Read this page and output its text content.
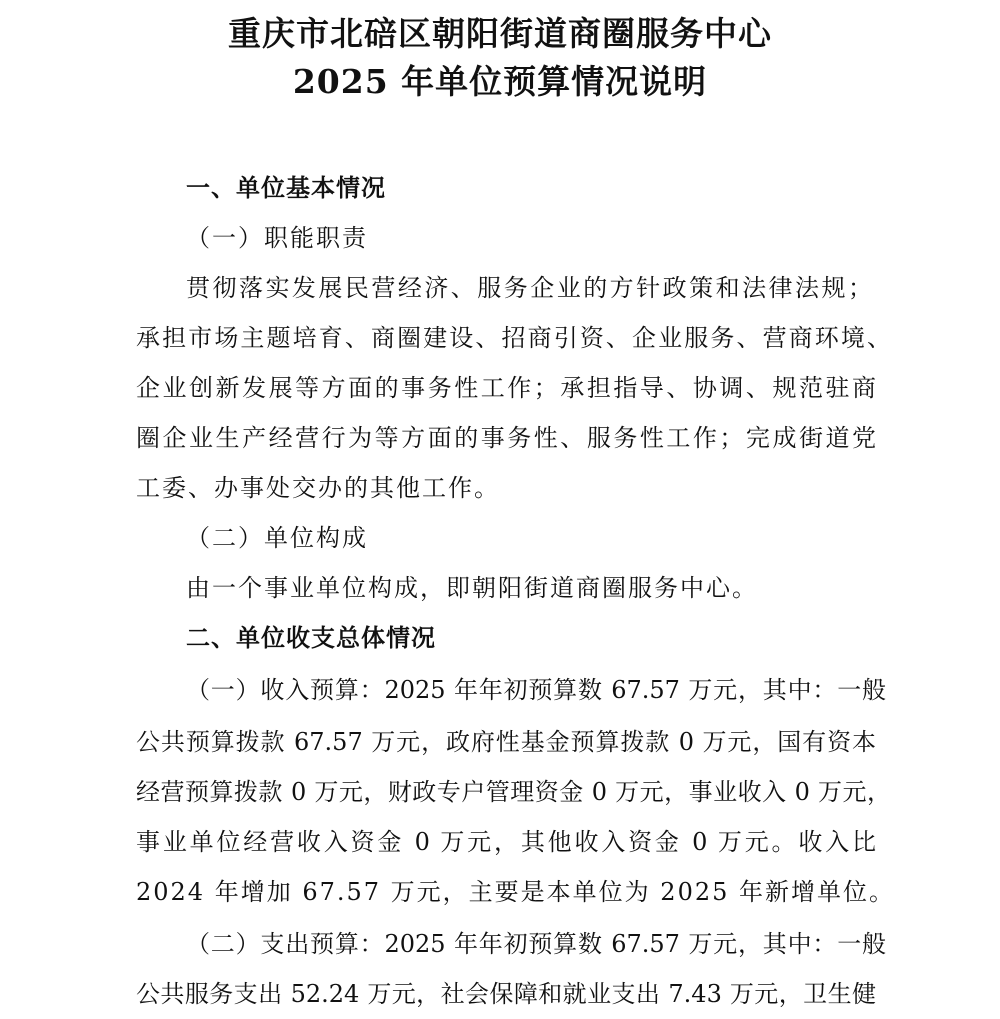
重庆市北碚区朝阳街道商圈服务中心
2025 年单位预算情况说明
一、单位基本情况
（一）职能职责
贯彻落实发展民营经济、服务企业的方针政策和法律法规；
承担市场主题培育、商圈建设、招商引资、企业服务、营商环境、
企业创新发展等方面的事务性工作；承担指导、协调、规范驻商
圈企业生产经营行为等方面的事务性、服务性工作；完成街道党
工委、办事处交办的其他工作。
（二）单位构成
由一个事业单位构成，即朝阳街道商圈服务中心。
二、单位收支总体情况
（一）收入预算：2025 年年初预算数 67.57 万元，其中：一般
公共预算拨款 67.57 万元，政府性基金预算拨款 0 万元，国有资本
经营预算拨款 0 万元，财政专户管理资金 0 万元，事业收入 0 万元，
事业单位经营收入资金 0 万元，其他收入资金 0 万元。收入比
2024 年增加 67.57 万元，主要是本单位为 2025 年新增单位。
（二）支出预算：2025 年年初预算数 67.57 万元，其中：一般
公共服务支出 52.24 万元，社会保障和就业支出 7.43 万元，卫生健
